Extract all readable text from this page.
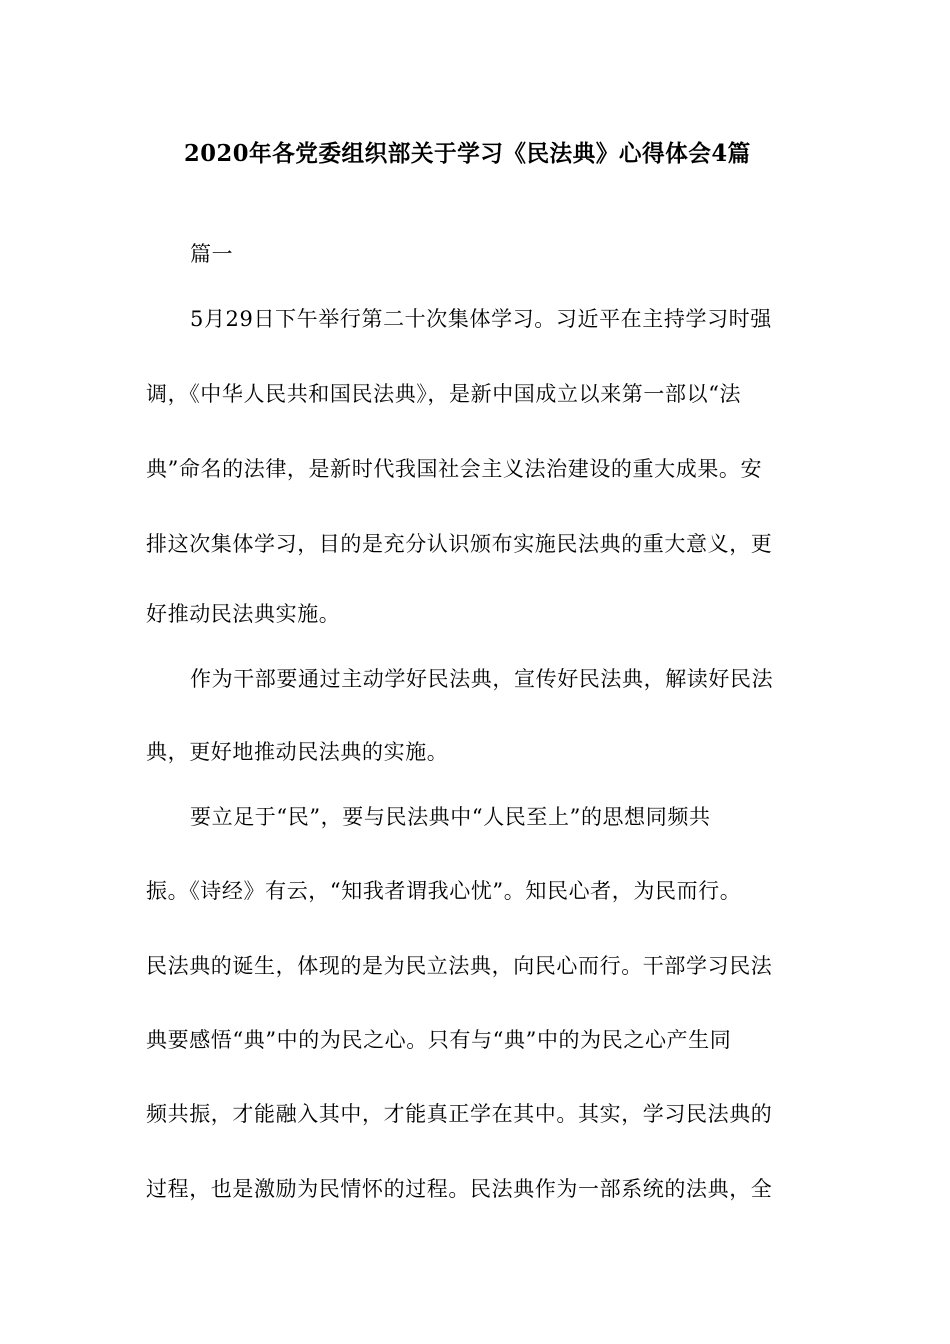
2020年各党委组织部关于学习《民法典》心得体会4篇
篇一
5月29日下午举行第二十次集体学习。习近平在主持学习时强
调，《中华人民共和国民法典》，是新中国成立以来第一部以“法
典”命名的法律，是新时代我国社会主义法治建设的重大成果。安
排这次集体学习，目的是充分认识颁布实施民法典的重大意义，更
好推动民法典实施。
作为干部要通过主动学好民法典，宣传好民法典，解读好民法
典，更好地推动民法典的实施。
要立足于“民”，要与民法典中“人民至上”的思想同频共
振。《诗经》有云，“知我者谓我心忧”。知民心者，为民而行。
民法典的诞生，体现的是为民立法典，向民心而行。干部学习民法
典要感悟“典”中的为民之心。只有与“典”中的为民之心产生同
频共振，才能融入其中，才能真正学在其中。其实，学习民法典的
过程，也是激励为民情怀的过程。民法典作为一部系统的法典，全
